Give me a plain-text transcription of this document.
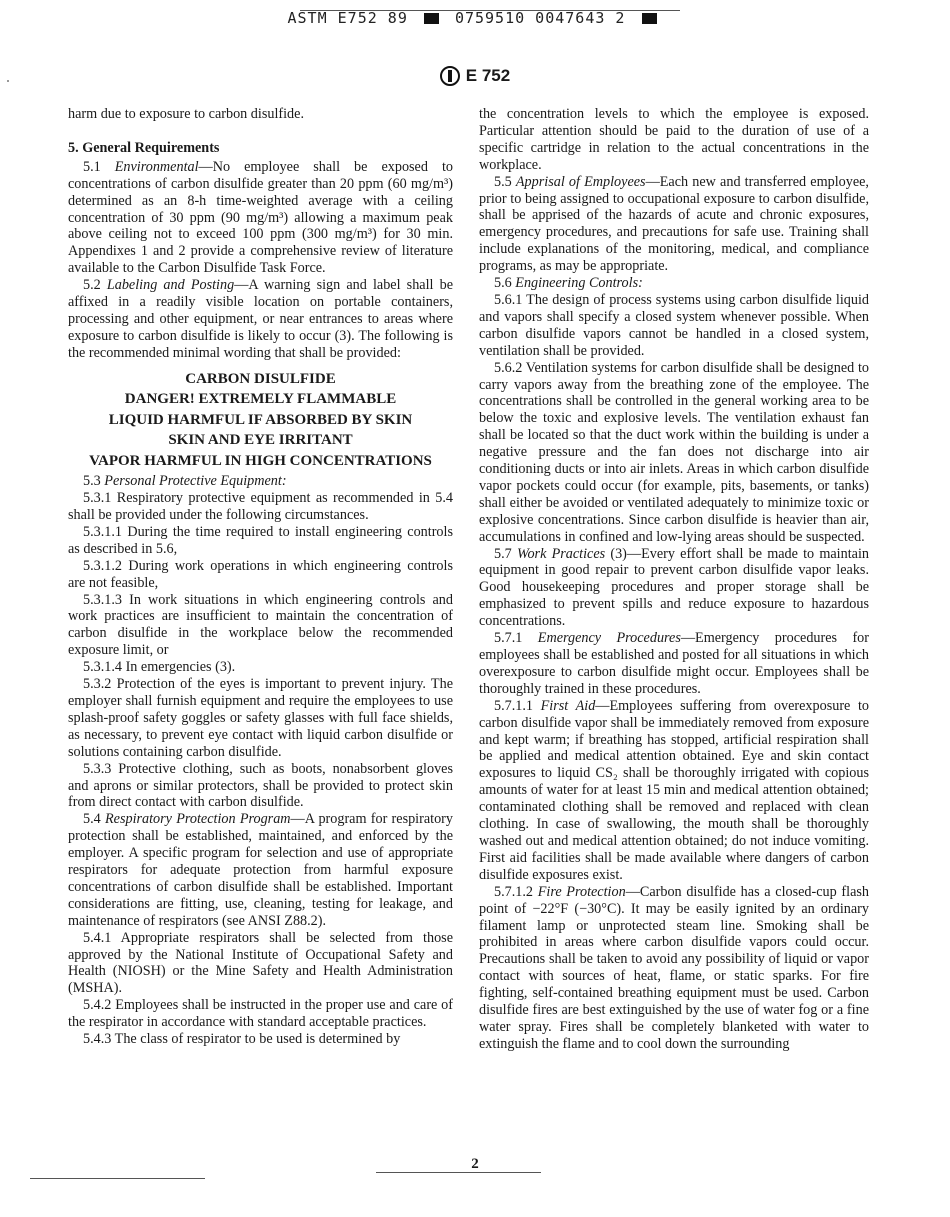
ASTM E752 89	0759510 0047643 2
E 752

harm due to exposure to carbon disulfide.

5. General Requirements

5.1 Environmental—No employee shall be exposed to concentrations of carbon disulfide greater than 20 ppm (60 mg/m³) determined as an 8-h time-weighted average with a ceiling concentration of 30 ppm (90 mg/m³) allowing a maximum peak above ceiling not to exceed 100 ppm (300 mg/m³) for 30 min. Appendixes 1 and 2 provide a comprehensive review of literature available to the Carbon Disulfide Task Force.

5.2 Labeling and Posting—A warning sign and label shall be affixed in a readily visible location on portable containers, processing and other equipment, or near entrances to areas where exposure to carbon disulfide is likely to occur (3). The following is the recommended minimal wording that shall be provided:

CARBON DISULFIDE
DANGER! EXTREMELY FLAMMABLE
LIQUID HARMFUL IF ABSORBED BY SKIN
SKIN AND EYE IRRITANT
VAPOR HARMFUL IN HIGH CONCENTRATIONS

5.3 Personal Protective Equipment:

5.3.1 Respiratory protective equipment as recommended in 5.4 shall be provided under the following circumstances.

5.3.1.1 During the time required to install engineering controls as described in 5.6,

5.3.1.2 During work operations in which engineering controls are not feasible,

5.3.1.3 In work situations in which engineering controls and work practices are insufficient to maintain the concentration of carbon disulfide in the workplace below the recommended exposure limit, or

5.3.1.4 In emergencies (3).

5.3.2 Protection of the eyes is important to prevent injury. The employer shall furnish equipment and require the employees to use splash-proof safety goggles or safety glasses with full face shields, as necessary, to prevent eye contact with liquid carbon disulfide or solutions containing carbon disulfide.

5.3.3 Protective clothing, such as boots, nonabsorbent gloves and aprons or similar protectors, shall be provided to protect skin from direct contact with carbon disulfide.

5.4 Respiratory Protection Program—A program for respiratory protection shall be established, maintained, and enforced by the employer. A specific program for selection and use of appropriate respirators for adequate protection from harmful exposure concentrations of carbon disulfide shall be established. Important considerations are fitting, use, cleaning, testing for leakage, and maintenance of respirators (see ANSI Z88.2).

5.4.1 Appropriate respirators shall be selected from those approved by the National Institute of Occupational Safety and Health (NIOSH) or the Mine Safety and Health Administration (MSHA).

5.4.2 Employees shall be instructed in the proper use and care of the respirator in accordance with standard acceptable practices.

5.4.3 The class of respirator to be used is determined by

the concentration levels to which the employee is exposed. Particular attention should be paid to the duration of use of a specific cartridge in relation to the actual concentrations in the workplace.

5.5 Apprisal of Employees—Each new and transferred employee, prior to being assigned to occupational exposure to carbon disulfide, shall be apprised of the hazards of acute and chronic exposures, emergency procedures, and precautions for safe use. Training shall include explanations of the monitoring, medical, and compliance programs, as may be appropriate.

5.6 Engineering Controls:

5.6.1 The design of process systems using carbon disulfide liquid and vapors shall specify a closed system whenever possible. When carbon disulfide vapors cannot be handled in a closed system, ventilation shall be provided.

5.6.2 Ventilation systems for carbon disulfide shall be designed to carry vapors away from the breathing zone of the employee. The concentrations shall be controlled in the general working area to be below the toxic and explosive levels. The ventilation exhaust fan shall be located so that the duct work within the building is under a negative pressure and the fan does not discharge into air conditioning ducts or into air inlets. Areas in which carbon disulfide vapor pockets could occur (for example, pits, basements, or tanks) shall either be avoided or ventilated adequately to minimize toxic or explosive concentrations. Since carbon disulfide is heavier than air, accumulations in confined and low-lying areas should be suspected.

5.7 Work Practices (3)—Every effort shall be made to maintain equipment in good repair to prevent carbon disulfide vapor leaks. Good housekeeping procedures and proper storage shall be emphasized to prevent spills and reduce exposure to hazardous concentrations.

5.7.1 Emergency Procedures—Emergency procedures for employees shall be established and posted for all situations in which overexposure to carbon disulfide might occur. Employees shall be thoroughly trained in these procedures.

5.7.1.1 First Aid—Employees suffering from overexposure to carbon disulfide vapor shall be immediately removed from exposure and kept warm; if breathing has stopped, artificial respiration shall be applied and medical attention obtained. Eye and skin contact exposures to liquid CS₂ shall be thoroughly irrigated with copious amounts of water for at least 15 min and medical attention obtained; contaminated clothing shall be removed and replaced with clean clothing. In case of swallowing, the mouth shall be thoroughly washed out and medical attention obtained; do not induce vomiting. First aid facilities shall be made available where dangers of carbon disulfide exposures exist.

5.7.1.2 Fire Protection—Carbon disulfide has a closed-cup flash point of −22°F (−30°C). It may be easily ignited by an ordinary filament lamp or unprotected steam line. Smoking shall be prohibited in areas where carbon disulfide vapors could occur. Precautions shall be taken to avoid any possibility of liquid or vapor contact with sources of heat, flame, or static sparks. For fire fighting, self-contained breathing equipment must be used. Carbon disulfide fires are best extinguished by the use of water fog or a fine water spray. Fires shall be completely blanketed with water to extinguish the flame and to cool down the surrounding

2
